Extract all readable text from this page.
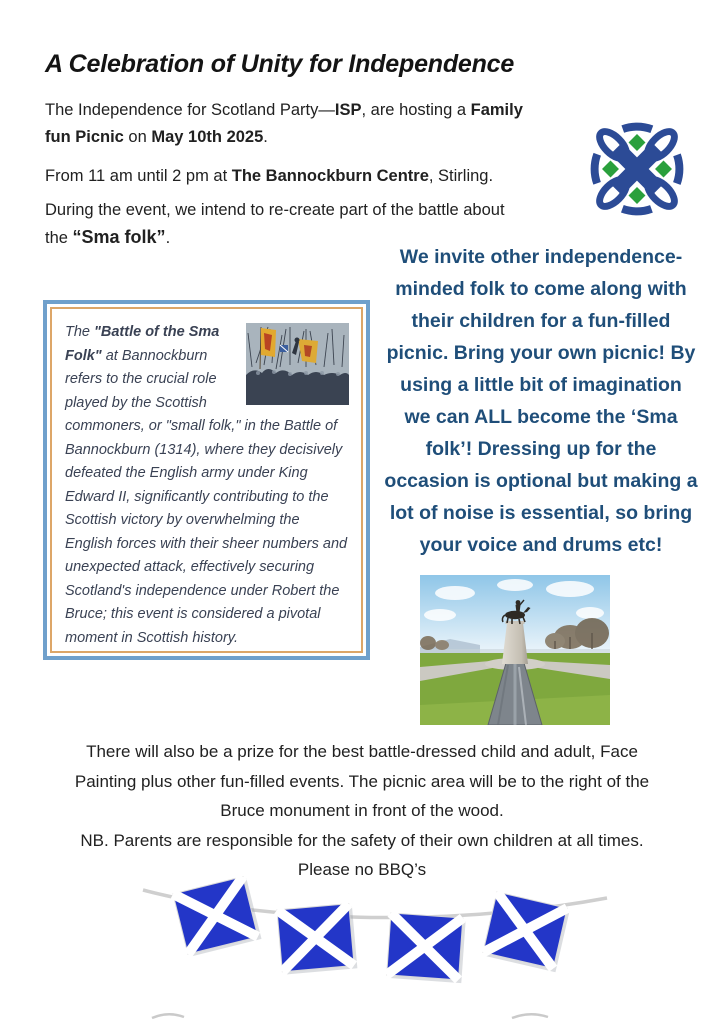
A Celebration of Unity for Independence
The Independence for Scotland Party—ISP, are hosting a Family
fun Picnic on May 10th 2025.
From 11 am until 2 pm at The Bannockburn Centre, Stirling.
During the event, we intend to re-create part of the battle about
the “Sma folk”.
We invite other independence-
minded folk to come along with
their children for a fun-filled
picnic. Bring your own picnic! By
using a little bit of imagination
we can ALL become the ‘Sma
folk’! Dressing up for the
occasion is optional but making a
lot of noise is essential, so bring
your voice and drums etc!
The "Battle of the Sma Folk" at Bannockburn refers to the crucial role played by the Scottish commoners, or "small folk," in the Battle of Bannockburn (1314), where they decisively defeated the English army under King Edward II, significantly contributing to the Scottish victory by overwhelming the English forces with their sheer numbers and unexpected attack, effectively securing Scotland's independence under Robert the Bruce; this event is considered a pivotal moment in Scottish history.
There will also be a prize for the best battle-dressed child and adult, Face
Painting plus other fun-filled events. The picnic area will be to the right of the
Bruce monument in front of the wood.
NB. Parents are responsible for the safety of their own children at all times.
Please no BBQ’s
